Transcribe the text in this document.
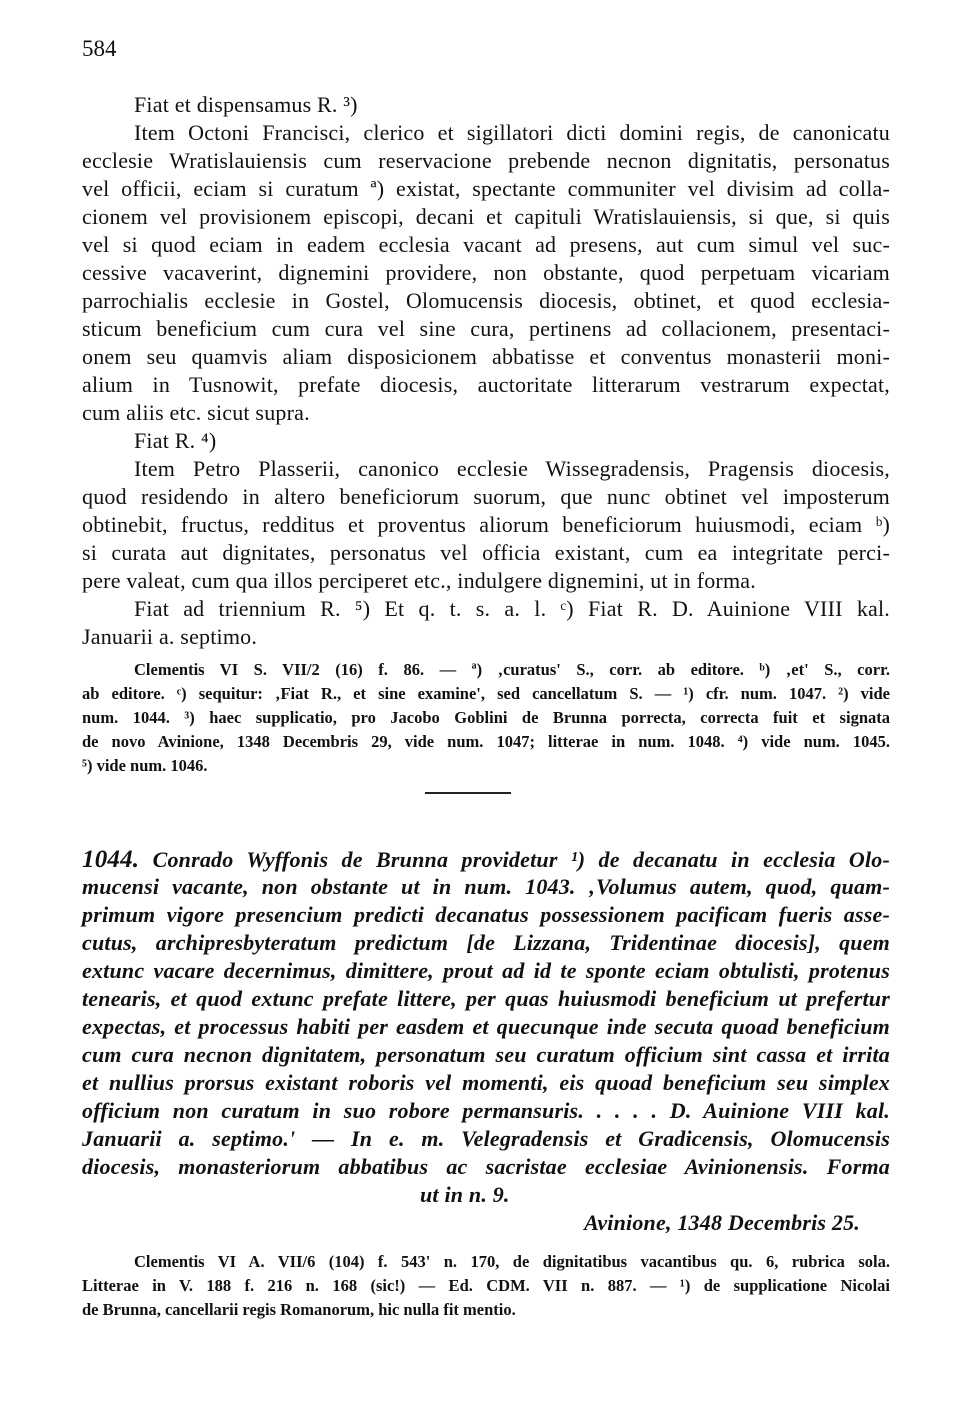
584
Fiat et dispensamus R. ³)
Item Octoni Francisci, clerico et sigillatori dicti domini regis, de canonicatu
ecclesie Wratislauiensis cum reservacione prebende necnon dignitatis, personatus
vel officii, eciam si curatum ª) existat, spectante communiter vel divisim ad colla-
cionem vel provisionem episcopi, decani et capituli Wratislauiensis, si que, si quis
vel si quod eciam in eadem ecclesia vacant ad presens, aut cum simul vel suc-
cessive vacaverint, dignemini providere, non obstante, quod perpetuam vicariam
parrochialis ecclesie in Gostel, Olomucensis diocesis, obtinet, et quod ecclesia-
sticum beneficium cum cura vel sine cura, pertinens ad collacionem, presentaci-
onem seu quamvis aliam disposicionem abbatisse et conventus monasterii moni-
alium in Tusnowit, prefate diocesis, auctoritate litterarum vestrarum expectat,
cum aliis etc. sicut supra.
Fiat R. ⁴)
Item Petro Plasserii, canonico ecclesie Wissegradensis, Pragensis diocesis,
quod residendo in altero beneficiorum suorum, que nunc obtinet vel imposterum
obtinebit, fructus, redditus et proventus aliorum beneficiorum huiusmodi, eciam ᵇ)
si curata aut dignitates, personatus vel officia existant, cum ea integritate perci-
pere valeat, cum qua illos perciperet etc., indulgere dignemini, ut in forma.
Fiat ad triennium R. ⁵) Et q. t. s. a. l. ᶜ) Fiat R. D. Auinione VIII kal.
Januarii a. septimo.
Clementis VI S. VII/2 (16) f. 86. — ª) ‚curatus' S., corr. ab editore. ᵇ) ‚et' S., corr.
ab editore. ᶜ) sequitur: ‚Fiat R., et sine examine', sed cancellatum S. — ¹) cfr. num. 1047. ²) vide
num. 1044. ³) haec supplicatio, pro Jacobo Goblini de Brunna porrecta, correcta fuit et signata
de novo Avinione, 1348 Decembris 29, vide num. 1047; litterae in num. 1048. ⁴) vide num. 1045.
⁵) vide num. 1046.
1044. Conrado Wyffonis de Brunna providetur ¹) de decanatu in ecclesia Olo-
mucensi vacante, non obstante ut in num. 1043. ‚Volumus autem, quod, quam-
primum vigore presencium predicti decanatus possessionem pacificam fueris asse-
cutus, archipresbyteratum predictum [de Lizzana, Tridentinae diocesis], quem
extunc vacare decernimus, dimittere, prout ad id te sponte eciam obtulisti, protenus
tenearis, et quod extunc prefate littere, per quas huiusmodi beneficium ut prefertur
expectas, et processus habiti per easdem et quecunque inde secuta quoad beneficium
cum cura necnon dignitatem, personatum seu curatum officium sint cassa et irrita
et nullius prorsus existant roboris vel momenti, eis quoad beneficium seu simplex
officium non curatum in suo robore permansuris. . . . . D. Auinione VIII kal.
Januarii a. septimo.' — In e. m. Velegradensis et Gradicensis, Olomucensis
diocesis, monasteriorum abbatibus ac sacristae ecclesiae Avinionensis. Forma
ut in n. 9.
Avinione, 1348 Decembris 25.
Clementis VI A. VII/6 (104) f. 543' n. 170, de dignitatibus vacantibus qu. 6, rubrica sola.
Litterae in V. 188 f. 216 n. 168 (sic!) — Ed. CDM. VII n. 887. — ¹) de supplicatione Nicolai
de Brunna, cancellarii regis Romanorum, hic nulla fit mentio.
